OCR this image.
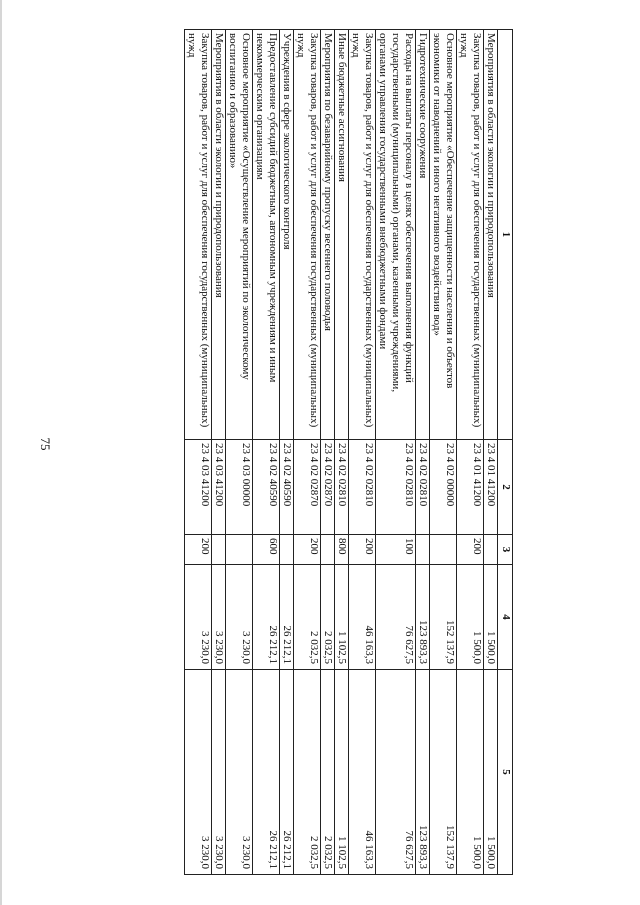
75
1	2	3	4	5
Мероприятия в области экологии и природопользования	23 4 01 41200		1 500,0	1 500,0
Закупка товаров, работ и услуг для обеспечения государственных (муниципальных) нужд	23 4 01 41200	200	1 500,0	1 500,0
Основное мероприятие «Обеспечение защищенности населения и объектов экономики от наводнений и иного негативного воздействия вод»	23 4 02 00000		152 137,9	152 137,9
Гидротехнические сооружения	23 4 02 02810		123 893,3	123 893,3
Расходы на выплаты персоналу в целях обеспечения выполнения функций государственными (муниципальными) органами, казенными учреждениями, органами управления государственными внебюджетными фондами	23 4 02 02810	100	76 627,5	76 627,5
Закупка товаров, работ и услуг для обеспечения государственных (муниципальных) нужд	23 4 02 02810	200	46 163,3	46 163,3
Иные бюджетные ассигнования	23 4 02 02810	800	1 102,5	1 102,5
Мероприятия по безаварийному пропуску весеннего половодья	23 4 02 02870		2 032,5	2 032,5
Закупка товаров, работ и услуг для обеспечения государственных (муниципальных) нужд	23 4 02 02870	200	2 032,5	2 032,5
Учреждения в сфере экологического контроля	23 4 02 40590		26 212,1	26 212,1
Предоставление субсидий бюджетным, автономным учреждениям и иным некоммерческим организациям	23 4 02 40590	600	26 212,1	26 212,1
Основное мероприятие «Осуществление мероприятий по экологическому воспитанию и образованию»	23 4 03 00000		3 230,0	3 230,0
Мероприятия в области экологии и природопользования	23 4 03 41200		3 230,0	3 230,0
Закупка товаров, работ и услуг для обеспечения государственных (муниципальных) нужд	23 4 03 41200	200	3 230,0	3 230,0
